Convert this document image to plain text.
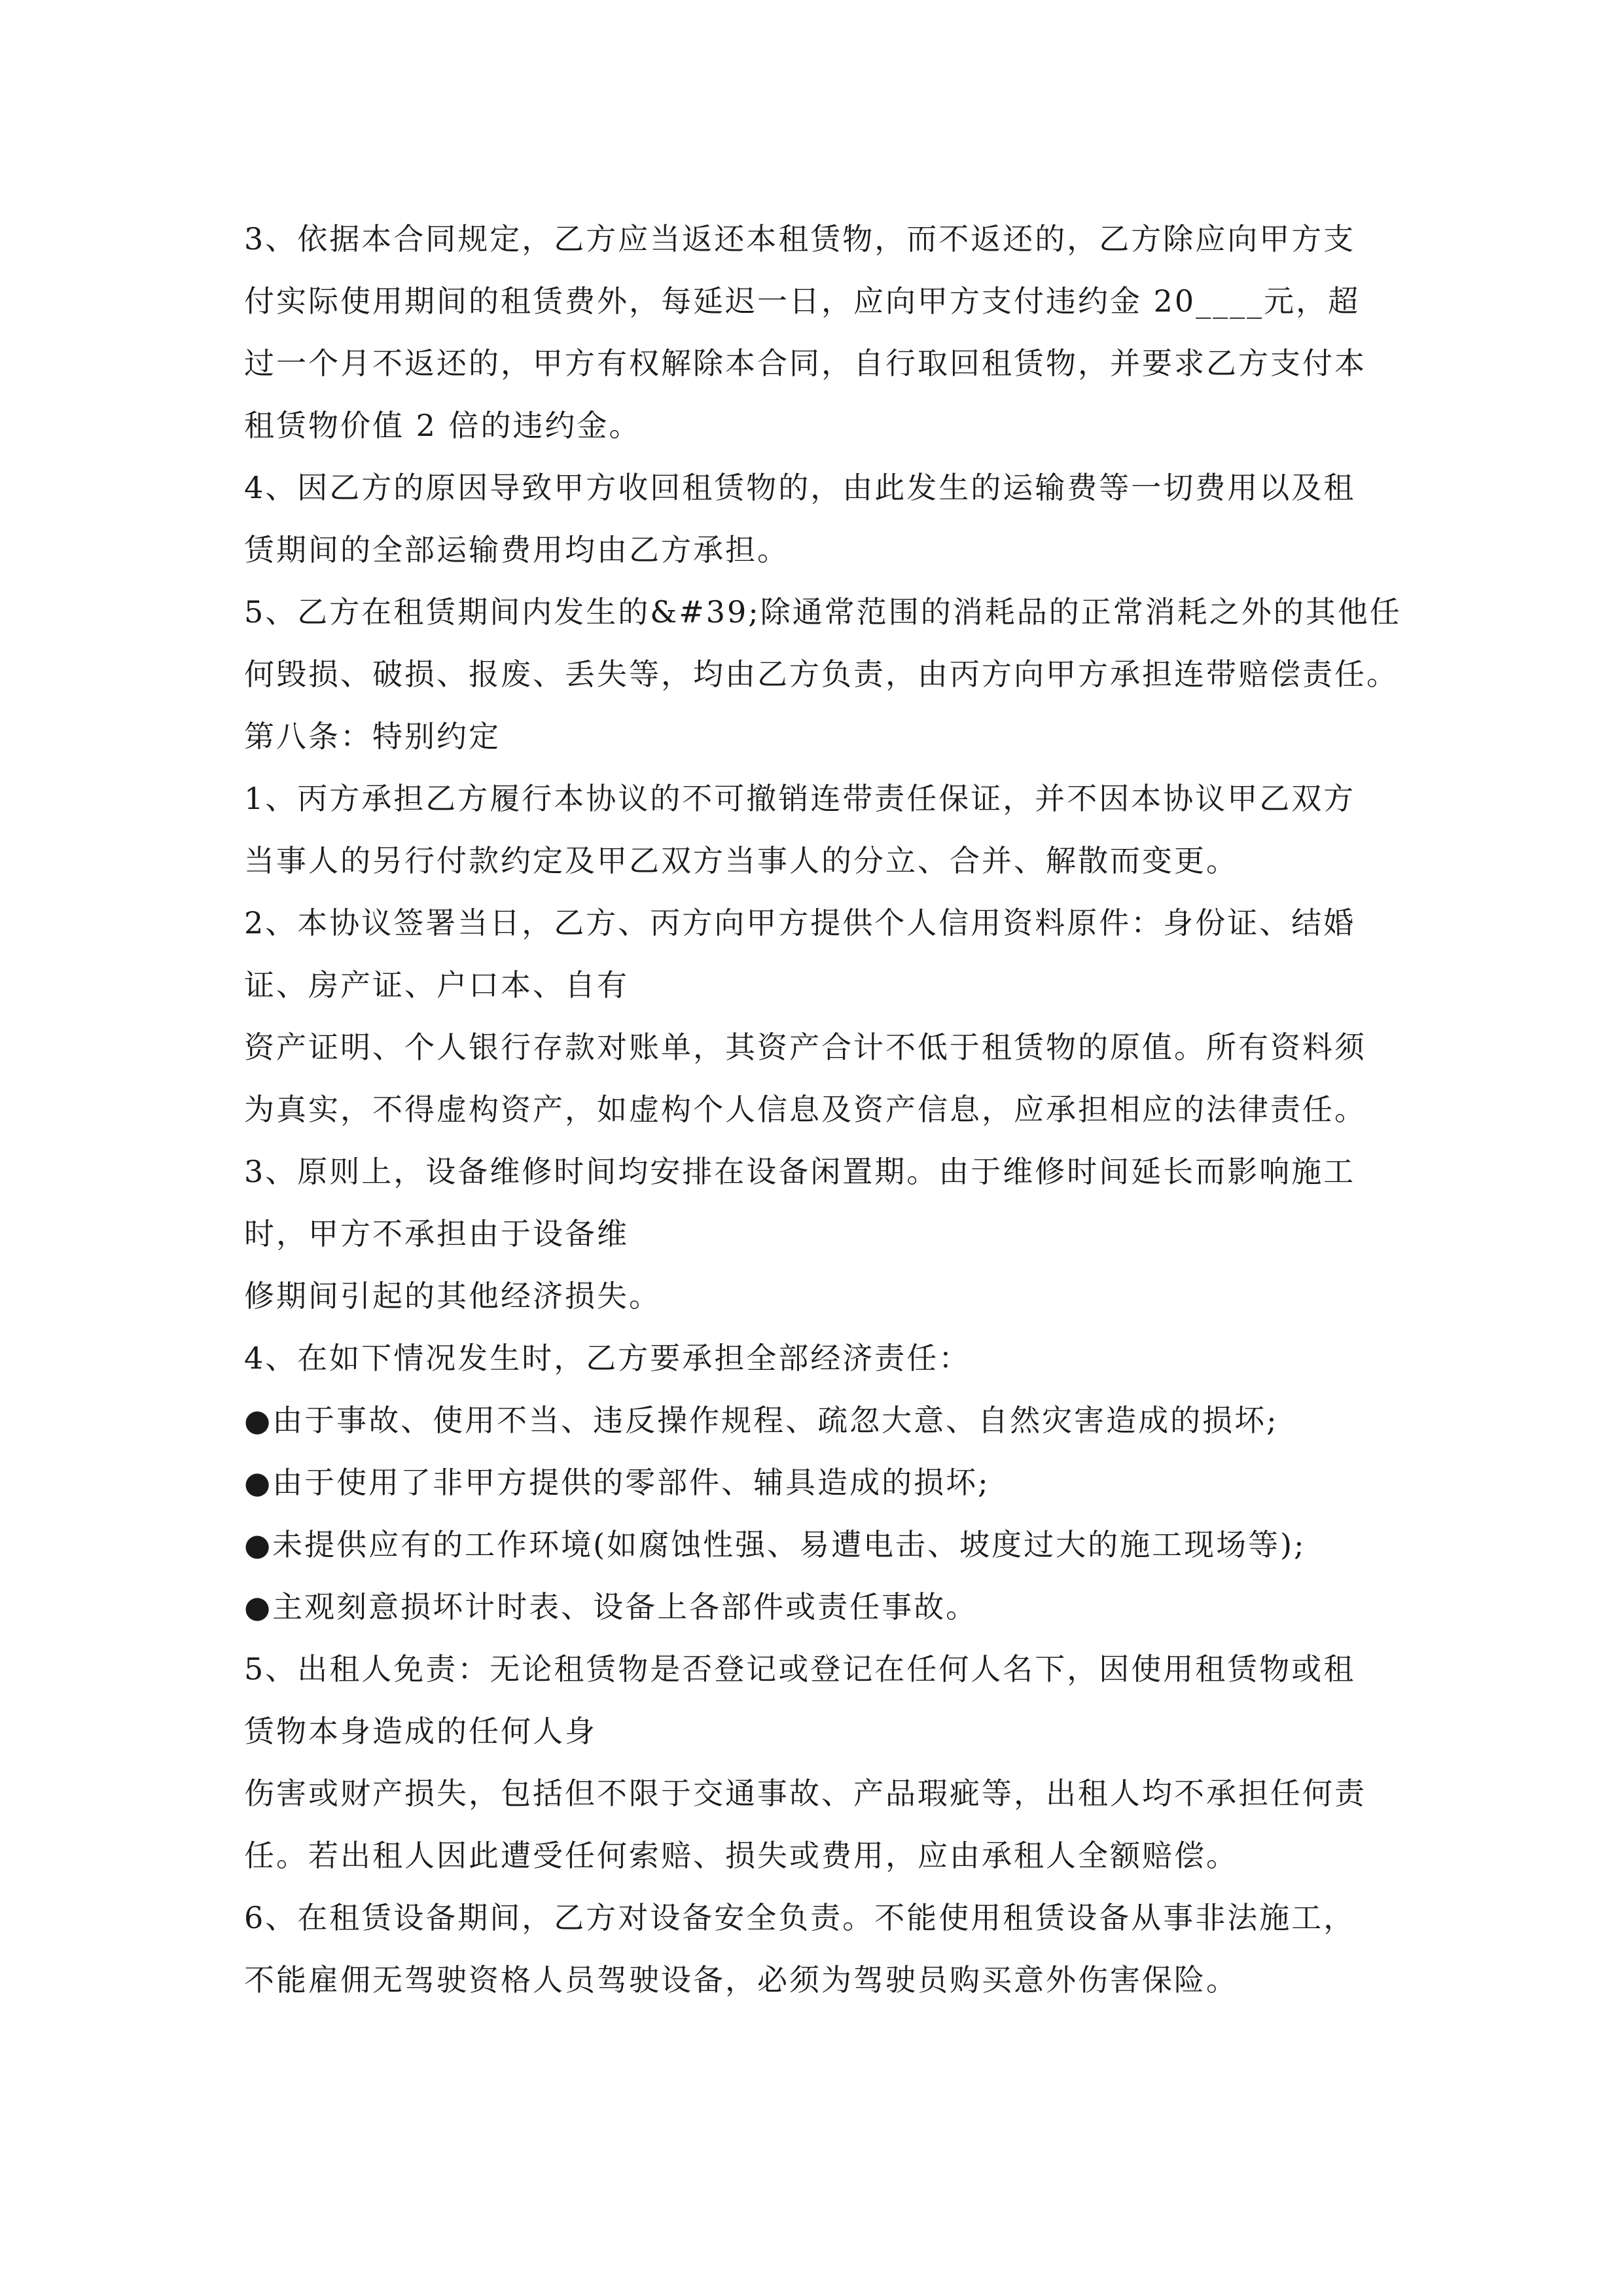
3、依据本合同规定，乙方应当返还本租赁物，而不返还的，乙方除应向甲方支
付实际使用期间的租赁费外，每延迟一日，应向甲方支付违约金 20____元，超
过一个月不返还的，甲方有权解除本合同，自行取回租赁物，并要求乙方支付本
租赁物价值 2 倍的违约金。
4、因乙方的原因导致甲方收回租赁物的，由此发生的运输费等一切费用以及租
赁期间的全部运输费用均由乙方承担。
5、乙方在租赁期间内发生的&#39;除通常范围的消耗品的正常消耗之外的其他任
何毁损、破损、报废、丢失等，均由乙方负责，由丙方向甲方承担连带赔偿责任。
第八条：特别约定
1、丙方承担乙方履行本协议的不可撤销连带责任保证，并不因本协议甲乙双方
当事人的另行付款约定及甲乙双方当事人的分立、合并、解散而变更。
2、本协议签署当日，乙方、丙方向甲方提供个人信用资料原件：身份证、结婚
证、房产证、户口本、自有
资产证明、个人银行存款对账单，其资产合计不低于租赁物的原值。所有资料须
为真实，不得虚构资产，如虚构个人信息及资产信息，应承担相应的法律责任。
3、原则上，设备维修时间均安排在设备闲置期。由于维修时间延长而影响施工
时，甲方不承担由于设备维
修期间引起的其他经济损失。
4、在如下情况发生时，乙方要承担全部经济责任：
●由于事故、使用不当、违反操作规程、疏忽大意、自然灾害造成的损坏;
●由于使用了非甲方提供的零部件、辅具造成的损坏;
●未提供应有的工作环境(如腐蚀性强、易遭电击、坡度过大的施工现场等);
●主观刻意损坏计时表、设备上各部件或责任事故。
5、出租人免责：无论租赁物是否登记或登记在任何人名下，因使用租赁物或租
赁物本身造成的任何人身
伤害或财产损失，包括但不限于交通事故、产品瑕疵等，出租人均不承担任何责
任。若出租人因此遭受任何索赔、损失或费用，应由承租人全额赔偿。
6、在租赁设备期间，乙方对设备安全负责。不能使用租赁设备从事非法施工，
不能雇佣无驾驶资格人员驾驶设备，必须为驾驶员购买意外伤害保险。
